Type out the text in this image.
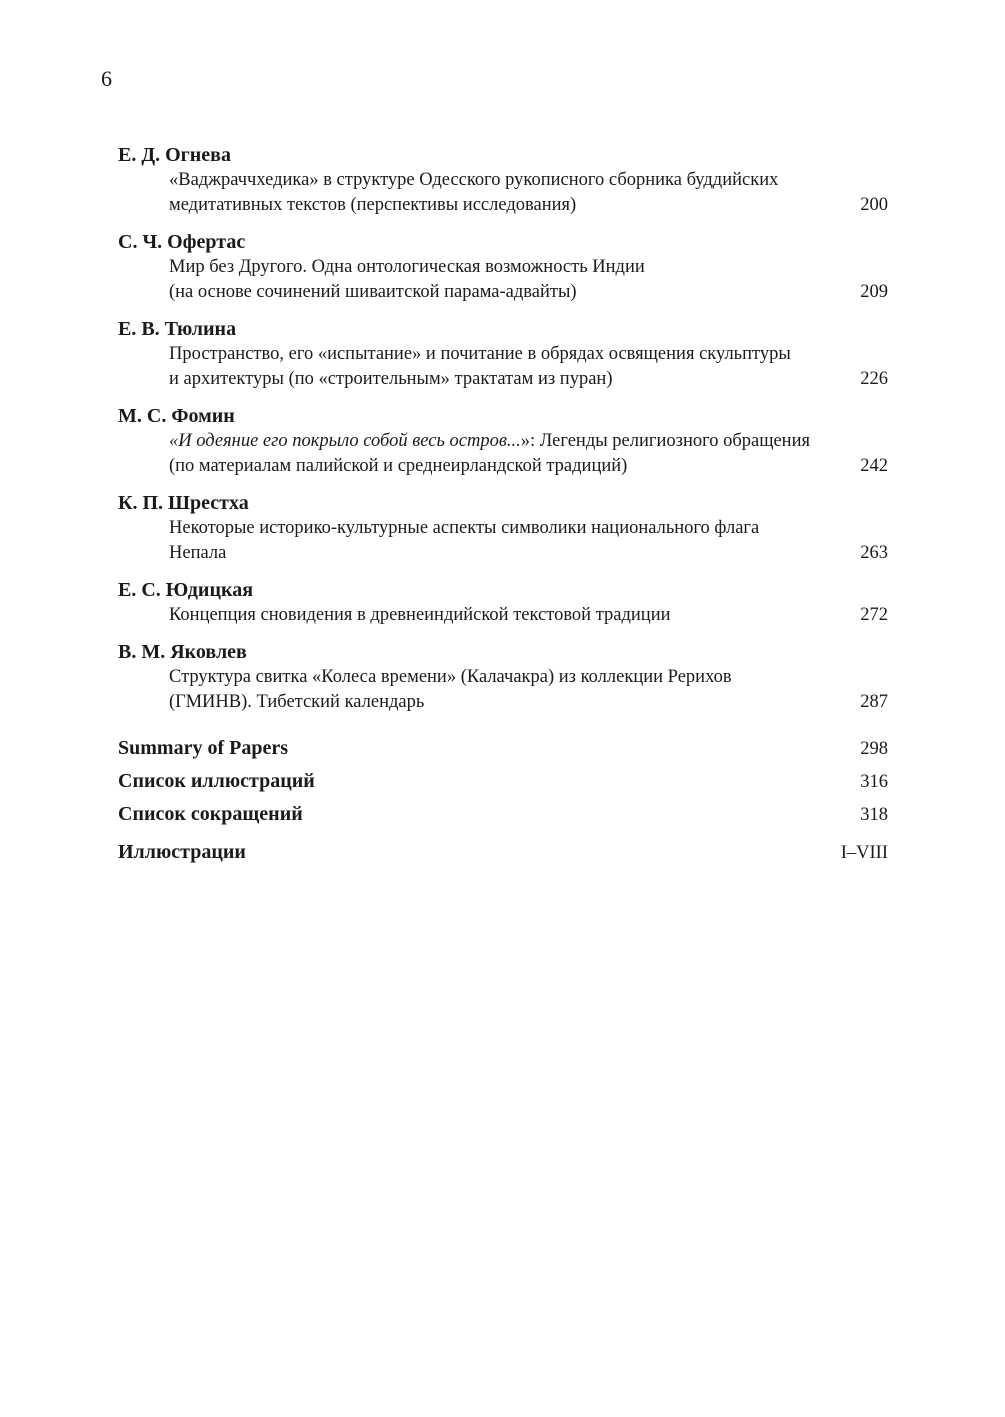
6
Е. Д. Огнева
«Ваджраччхедика» в структуре Одесского рукописного сборника буддийских
медитативных текстов (перспективы исследования)	200
С. Ч. Офертас
Мир без Другого. Одна онтологическая возможность Индии
(на основе сочинений шиваитской парама-адвайты)	209
Е. В. Тюлина
Пространство, его «испытание» и почитание в обрядах освящения скульптуры
и архитектуры (по «строительным» трактатам из пуран)	226
М. С. Фомин
«И одеяние его покрыло собой весь остров...»: Легенды религиозного обращения
(по материалам палийской и среднеирландской традиций)	242
К. П. Шрестха
Некоторые историко-культурные аспекты символики национального флага
Непала	263
Е. С. Юдицкая
Концепция сновидения в древнеиндийской текстовой традиции	272
В. М. Яковлев
Структура свитка «Колеса времени» (Калачакра) из коллекции Рерихов
(ГМИНВ). Тибетский календарь	287
Summary of Papers	298
Список иллюстраций	316
Список сокращений	318
Иллюстрации	I–VIII
